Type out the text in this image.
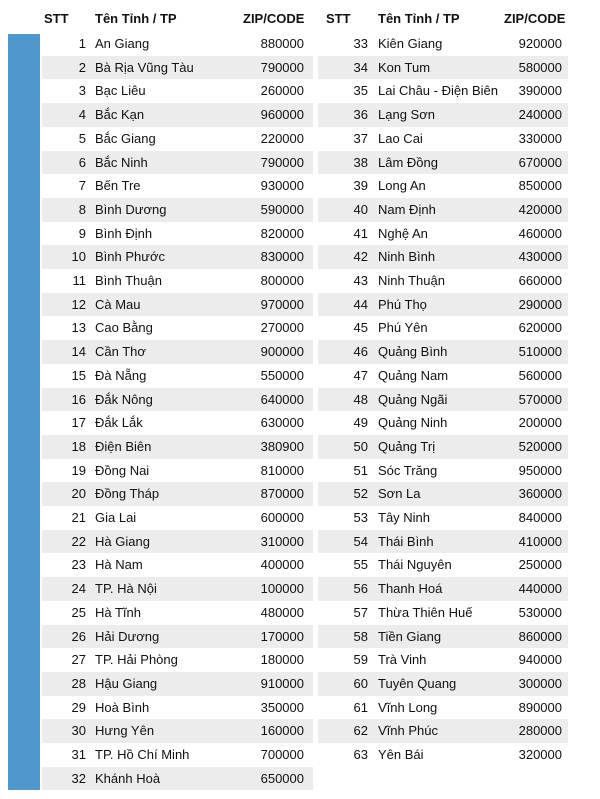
STT Tên Tỉnh / TP	ZIP/CODE STT Tên Tỉnh / TP	ZIP/CODE
1 An Giang	880000	33 Kiên Giang	920000
2 Bà Rịa Vũng Tàu	790000	34 Kon Tum	580000
3 Bạc Liêu	260000	35 Lai Châu - Điện Biên	390000
4 Bắc Kạn	960000	36 Lạng Sơn	240000
5 Bắc Giang	220000	37 Lao Cai	330000
6 Bắc Ninh	790000	38 Lâm Đồng	670000
7 Bến Tre	930000	39 Long An	850000
8 Bình Dương	590000	40 Nam Định	420000
9 Bình Định	820000	41 Nghệ An	460000
10 Bình Phước	830000	42 Ninh Bình	430000
11 Bình Thuận	800000	43 Ninh Thuận	660000
12 Cà Mau	970000	44 Phú Thọ	290000
13 Cao Bằng	270000	45 Phú Yên	620000
14 Cần Thơ	900000	46 Quảng Bình	510000
15 Đà Nẵng	550000	47 Quảng Nam	560000
16 Đắk Nông	640000	48 Quảng Ngãi	570000
17 Đắk Lắk	630000	49 Quảng Ninh	200000
18 Điện Biên	380900	50 Quảng Trị	520000
19 Đồng Nai	810000	51 Sóc Trăng	950000
20 Đồng Tháp	870000	52 Sơn La	360000
21 Gia Lai	600000	53 Tây Ninh	840000
22 Hà Giang	310000	54 Thái Bình	410000
23 Hà Nam	400000	55 Thái Nguyên	250000
24 TP. Hà Nội	100000	56 Thanh Hoá	440000
25 Hà Tĩnh	480000	57 Thừa Thiên Huế	530000
26 Hải Dương	170000	58 Tiền Giang	860000
27 TP. Hải Phòng	180000	59 Trà Vinh	940000
28 Hậu Giang	910000	60 Tuyên Quang	300000
29 Hoà Bình	350000	61 Vĩnh Long	890000
30 Hưng Yên	160000	62 Vĩnh Phúc	280000
31 TP. Hồ Chí Minh	700000	63 Yên Bái	320000
32 Khánh Hoà	650000
